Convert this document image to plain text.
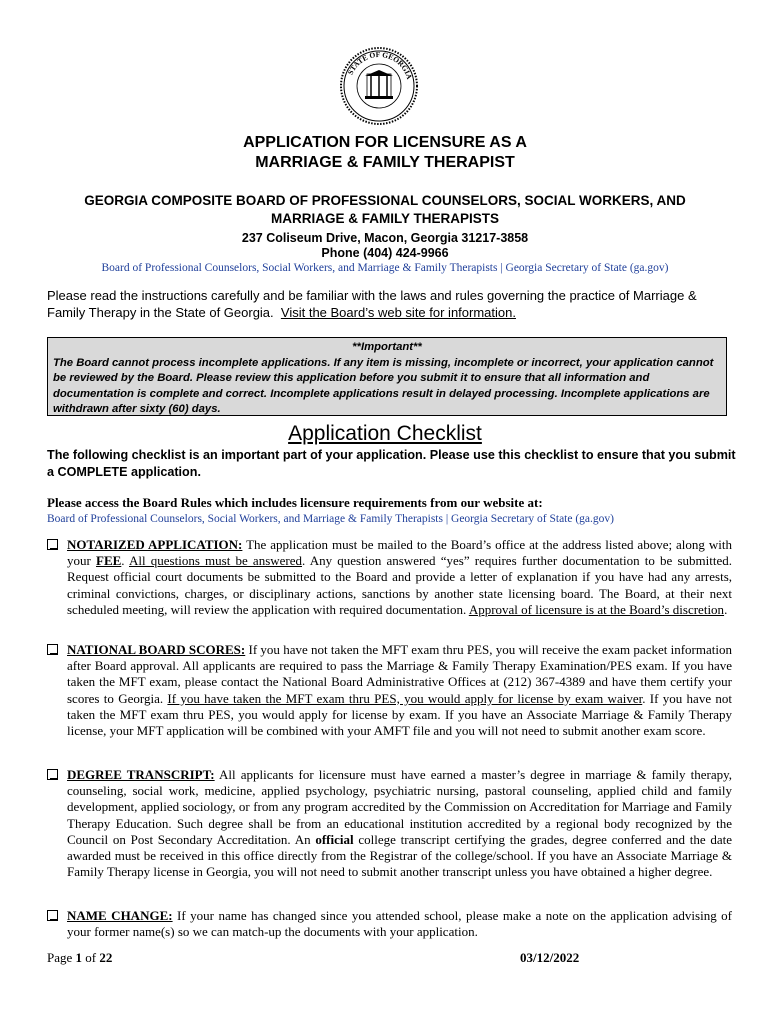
STATE OF GEORGIA
APPLICATION FOR LICENSURE AS A
MARRIAGE & FAMILY THERAPIST
GEORGIA COMPOSITE BOARD OF PROFESSIONAL COUNSELORS, SOCIAL WORKERS, AND
MARRIAGE & FAMILY THERAPISTS
237 Coliseum Drive, Macon, Georgia 31217-3858
Phone (404) 424-9966
Board of Professional Counselors, Social Workers, and Marriage & Family Therapists | Georgia Secretary of State (ga.gov)
Please read the instructions carefully and be familiar with the laws and rules governing the practice of Marriage & Family Therapy in the State of Georgia. Visit the Board’s web site for information.
**Important**
The Board cannot process incomplete applications. If any item is missing, incomplete or incorrect, your application cannot be reviewed by the Board. Please review this application before you submit it to ensure that all information and documentation is complete and correct. Incomplete applications result in delayed processing. Incomplete applications are withdrawn after sixty (60) days.
Application Checklist
The following checklist is an important part of your application. Please use this checklist to ensure that you submit a COMPLETE application.
Please access the Board Rules which includes licensure requirements from our website at:
Board of Professional Counselors, Social Workers, and Marriage & Family Therapists | Georgia Secretary of State (ga.gov)
NOTARIZED APPLICATION: The application must be mailed to the Board’s office at the address listed above; along with your FEE. All questions must be answered. Any question answered “yes” requires further documentation to be submitted. Request official court documents be submitted to the Board and provide a letter of explanation if you have had any arrests, criminal convictions, charges, or disciplinary actions, sanctions by another state licensing board. The Board, at their next scheduled meeting, will review the application with required documentation. Approval of licensure is at the Board’s discretion.
NATIONAL BOARD SCORES: If you have not taken the MFT exam thru PES, you will receive the exam packet information after Board approval. All applicants are required to pass the Marriage & Family Therapy Examination/PES exam. If you have taken the MFT exam, please contact the National Board Administrative Offices at (212) 367-4389 and have them certify your scores to Georgia. If you have taken the MFT exam thru PES, you would apply for license by exam waiver. If you have not taken the MFT exam thru PES, you would apply for license by exam. If you have an Associate Marriage & Family Therapy license, your MFT application will be combined with your AMFT file and you will not need to submit another exam score.
DEGREE TRANSCRIPT: All applicants for licensure must have earned a master’s degree in marriage & family therapy, counseling, social work, medicine, applied psychology, psychiatric nursing, pastoral counseling, applied child and family development, applied sociology, or from any program accredited by the Commission on Accreditation for Marriage and Family Therapy Education. Such degree shall be from an educational institution accredited by a regional body recognized by the Council on Post Secondary Accreditation. An official college transcript certifying the grades, degree conferred and the date awarded must be received in this office directly from the Registrar of the college/school. If you have an Associate Marriage & Family Therapy license in Georgia, you will not need to submit another transcript unless you have obtained a higher degree.
NAME CHANGE: If your name has changed since you attended school, please make a note on the application advising of your former name(s) so we can match-up the documents with your application.
Page 1 of 22	03/12/2022
